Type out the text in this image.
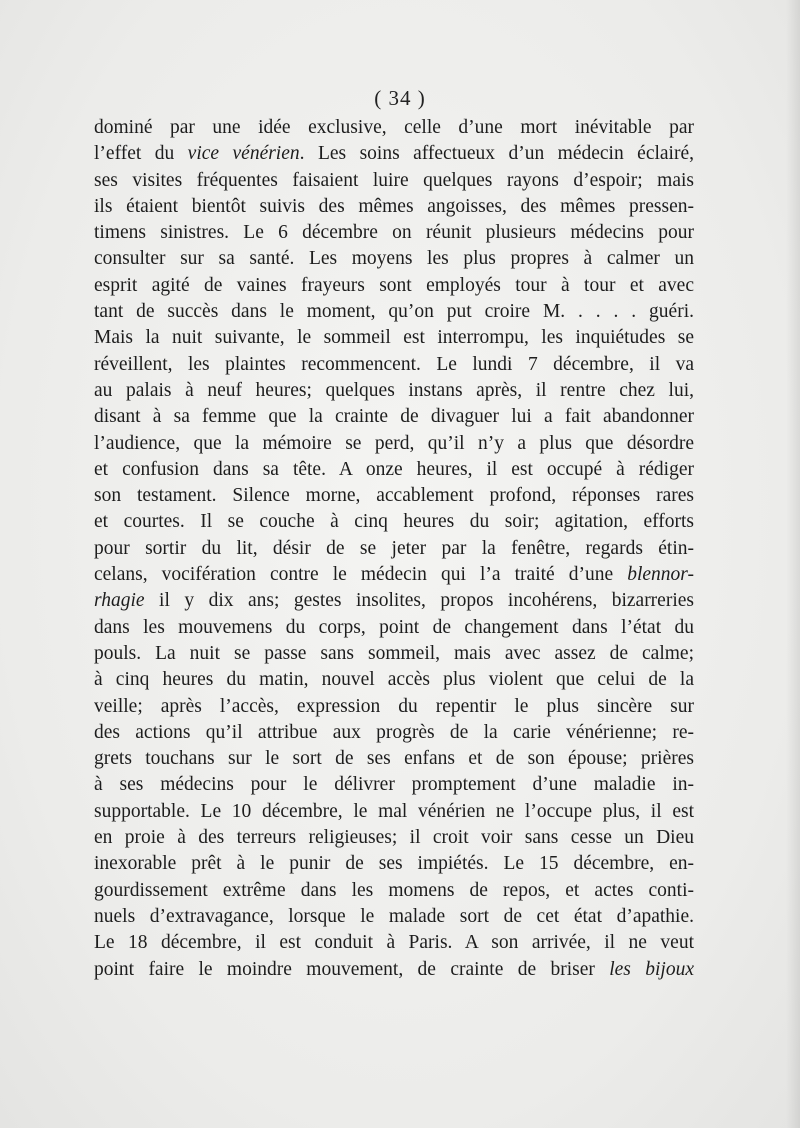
( 34 )
dominé par une idée exclusive, celle d’une mort inévitable par
l’effet du vice vénérien. Les soins affectueux d’un médecin éclairé,
ses visites fréquentes faisaient luire quelques rayons d’espoir; mais
ils étaient bientôt suivis des mêmes angoisses, des mêmes pressen-
timens sinistres. Le 6 décembre on réunit plusieurs médecins pour
consulter sur sa santé. Les moyens les plus propres à calmer un
esprit agité de vaines frayeurs sont employés tour à tour et avec
tant de succès dans le moment, qu’on put croire M. . . . . guéri.
Mais la nuit suivante, le sommeil est interrompu, les inquiétudes se
réveillent, les plaintes recommencent. Le lundi 7 décembre, il va
au palais à neuf heures; quelques instans après, il rentre chez lui,
disant à sa femme que la crainte de divaguer lui a fait abandonner
l’audience, que la mémoire se perd, qu’il n’y a plus que désordre
et confusion dans sa tête. A onze heures, il est occupé à rédiger
son testament. Silence morne, accablement profond, réponses rares
et courtes. Il se couche à cinq heures du soir; agitation, efforts
pour sortir du lit, désir de se jeter par la fenêtre, regards étin-
celans, vocifération contre le médecin qui l’a traité d’une blennor-
rhagie il y dix ans; gestes insolites, propos incohérens, bizarreries
dans les mouvemens du corps, point de changement dans l’état du
pouls. La nuit se passe sans sommeil, mais avec assez de calme;
à cinq heures du matin, nouvel accès plus violent que celui de la
veille; après l’accès, expression du repentir le plus sincère sur
des actions qu’il attribue aux progrès de la carie vénérienne; re-
grets touchans sur le sort de ses enfans et de son épouse; prières
à ses médecins pour le délivrer promptement d’une maladie in-
supportable. Le 10 décembre, le mal vénérien ne l’occupe plus, il est
en proie à des terreurs religieuses; il croit voir sans cesse un Dieu
inexorable prêt à le punir de ses impiétés. Le 15 décembre, en-
gourdissement extrême dans les momens de repos, et actes conti-
nuels d’extravagance, lorsque le malade sort de cet état d’apathie.
Le 18 décembre, il est conduit à Paris. A son arrivée, il ne veut
point faire le moindre mouvement, de crainte de briser les bijoux
